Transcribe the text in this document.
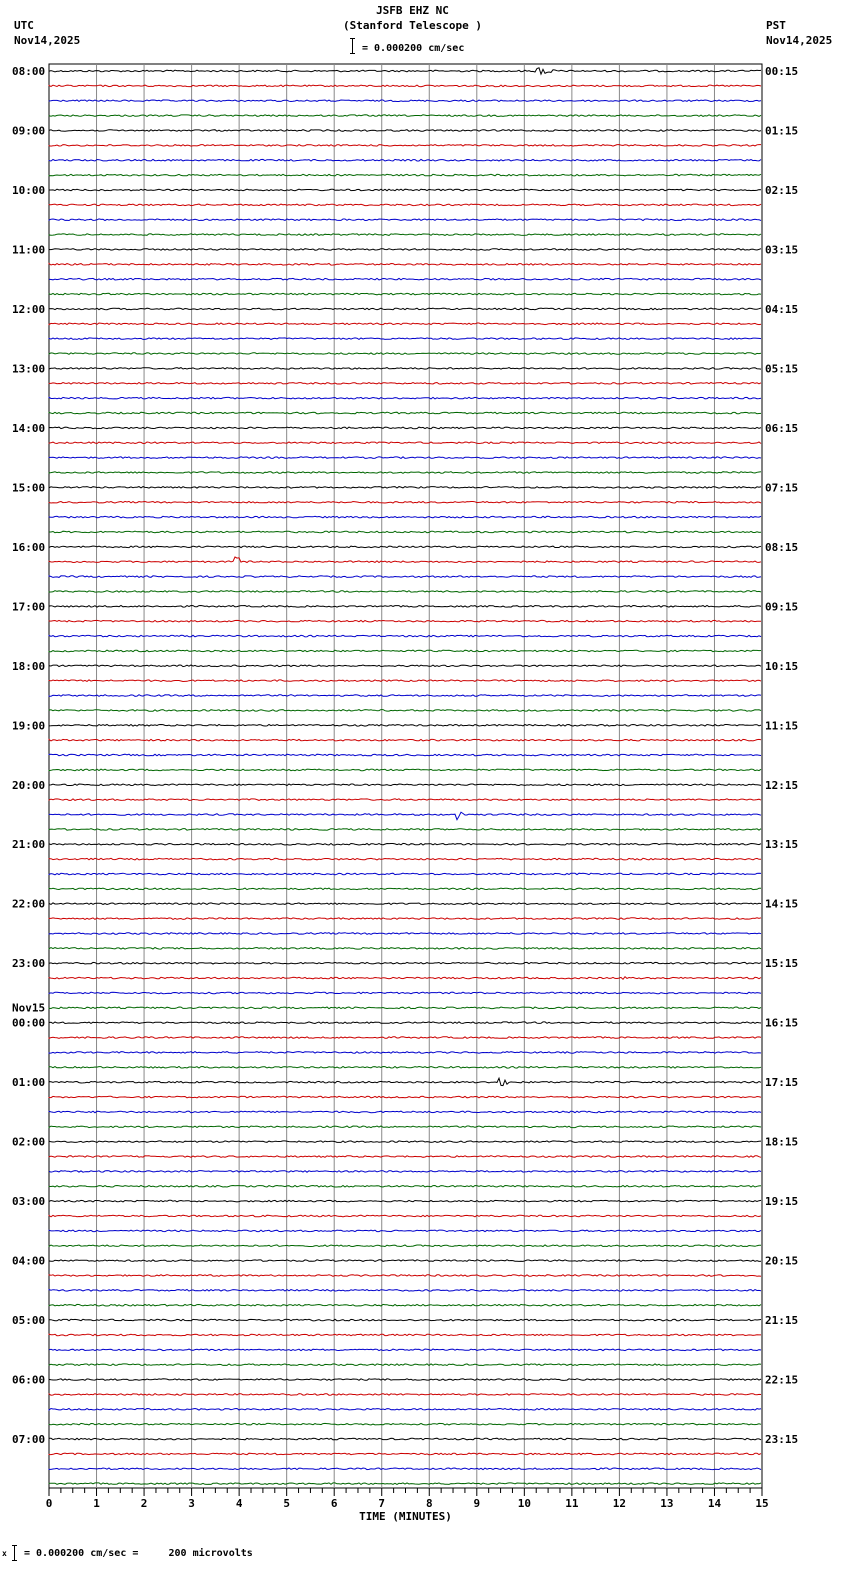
JSFB EHZ NC
(Stanford Telescope )
= 0.000200 cm/sec
UTC
Nov14,2025
PST
Nov14,2025
08:00
09:00
10:00
11:00
12:00
13:00
14:00
15:00
16:00
17:00
18:00
19:00
20:00
21:00
22:00
23:00
00:00
Nov15
01:00
02:00
03:00
04:00
05:00
06:00
07:00
00:15
01:15
02:15
03:15
04:15
05:15
06:15
07:15
08:15
09:15
10:15
11:15
12:15
13:15
14:15
15:15
16:15
17:15
18:15
19:15
20:15
21:15
22:15
23:15
0	1	2	3	4	5	6	7	8	9	10	11	12	13	14	15
TIME (MINUTES)
x = 0.000200 cm/sec =     200 microvolts
